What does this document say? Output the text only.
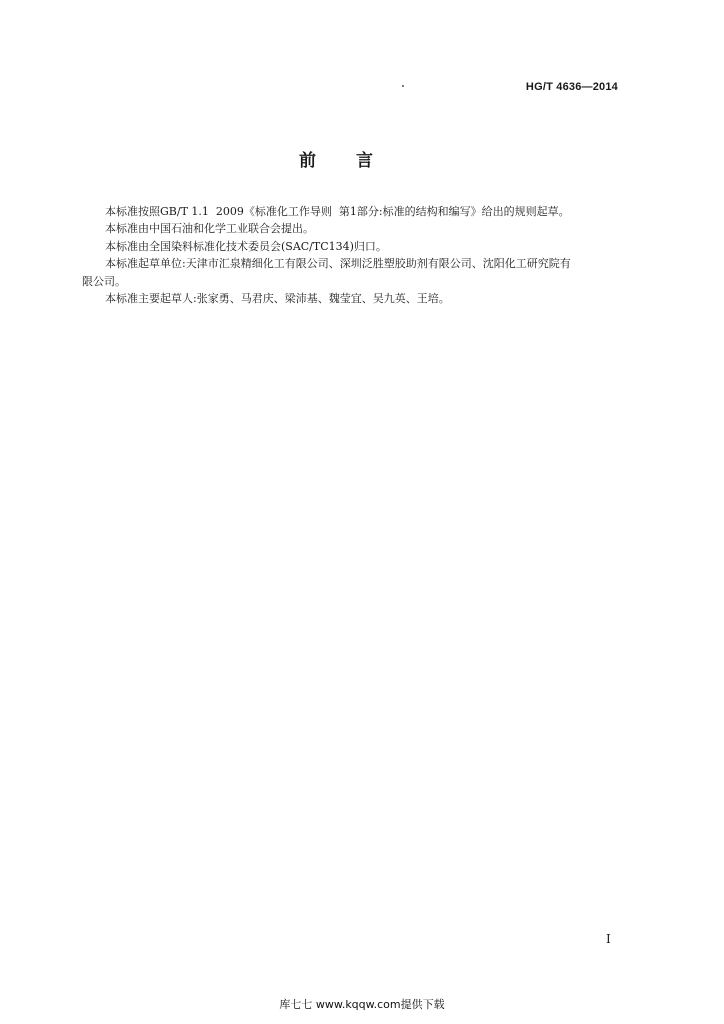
HG/T 4636—2014
前言

本标准按照GB/T 1.1  2009《标准化工作导则  第1部分:标准的结构和编写》给出的规则起草。

本标准由中国石油和化学工业联合会提出。

本标准由全国染料标准化技术委员会(SAC/TC134)归口。

本标准起草单位:天津市汇泉精细化工有限公司、深圳泛胜塑胶助剂有限公司、沈阳化工研究院有

限公司。

本标准主要起草人:张家勇、马君庆、梁沛基、魏莹宜、吴九英、王培。

I
库七七 www.kqqw.com提供下载
